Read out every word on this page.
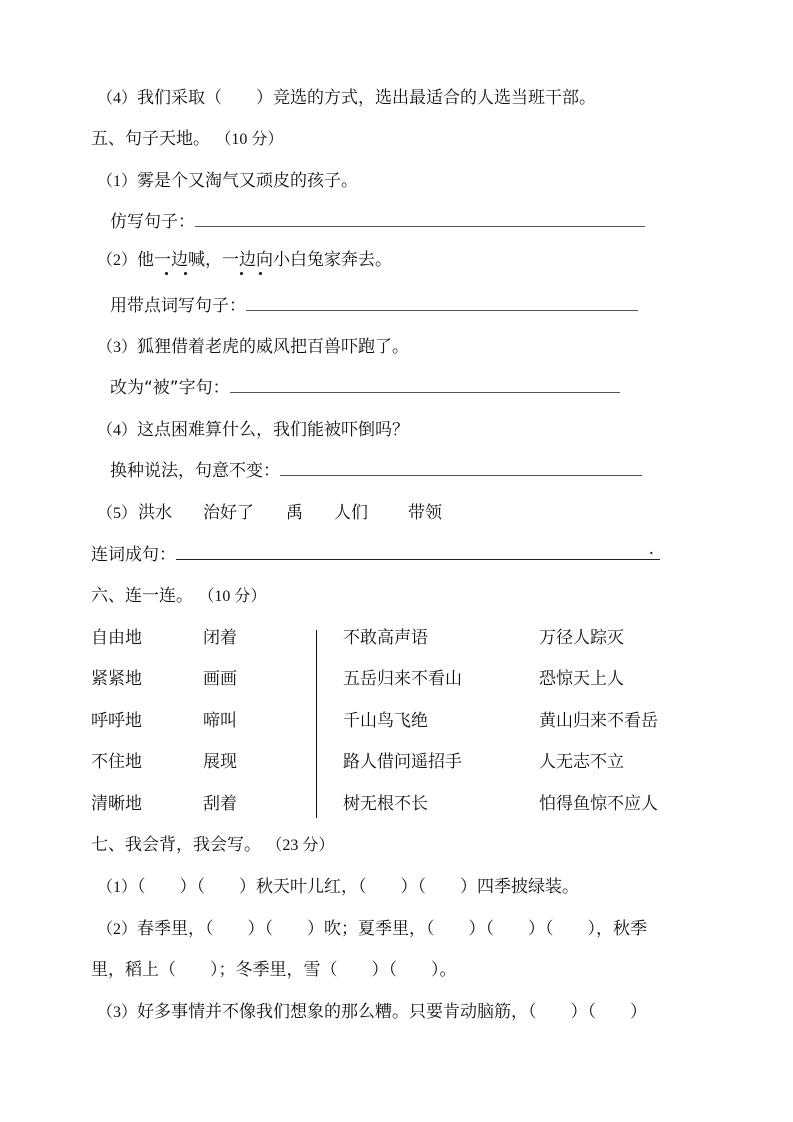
（4）我们采取（　　）竞选的方式，选出最适合的人选当班干部。
五、句子天地。 （10 分）
（1）雾是个又淘气又顽皮的孩子。
仿写句子：
（2）他一边喊，一边向小白兔家奔去。
用带点词写句子：
（3）狐狸借着老虎的威风把百兽吓跑了。
改为“被”字句：
（4）这点困难算什么，我们能被吓倒吗？
换种说法，句意不变：
（5） 洪水 治好了 禹 人们 带领
连词成句：	.
六、连一连。 （10 分）
自由地
紧紧地
呼呼地
不住地
清晰地
闭着
画画
啼叫
展现
刮着
不敢高声语
五岳归来不看山
千山鸟飞绝
路人借问遥招手
树无根不长
万径人踪灭
恐惊天上人
黄山归来不看岳
人无志不立
怕得鱼惊不应人
七、我会背，我会写。 （23 分）
（1）（　　）（　　）秋天叶儿红，（　　）（　　）四季披绿装。
（2）春季里，（　　）（　　）吹；夏季里，（　　）（　　）（　　），秋季
里，稻上（　　）；冬季里，雪（　　）（　　）。
（3）好多事情并不像我们想象的那么糟。只要肯动脑筋，（　　）（　　）
